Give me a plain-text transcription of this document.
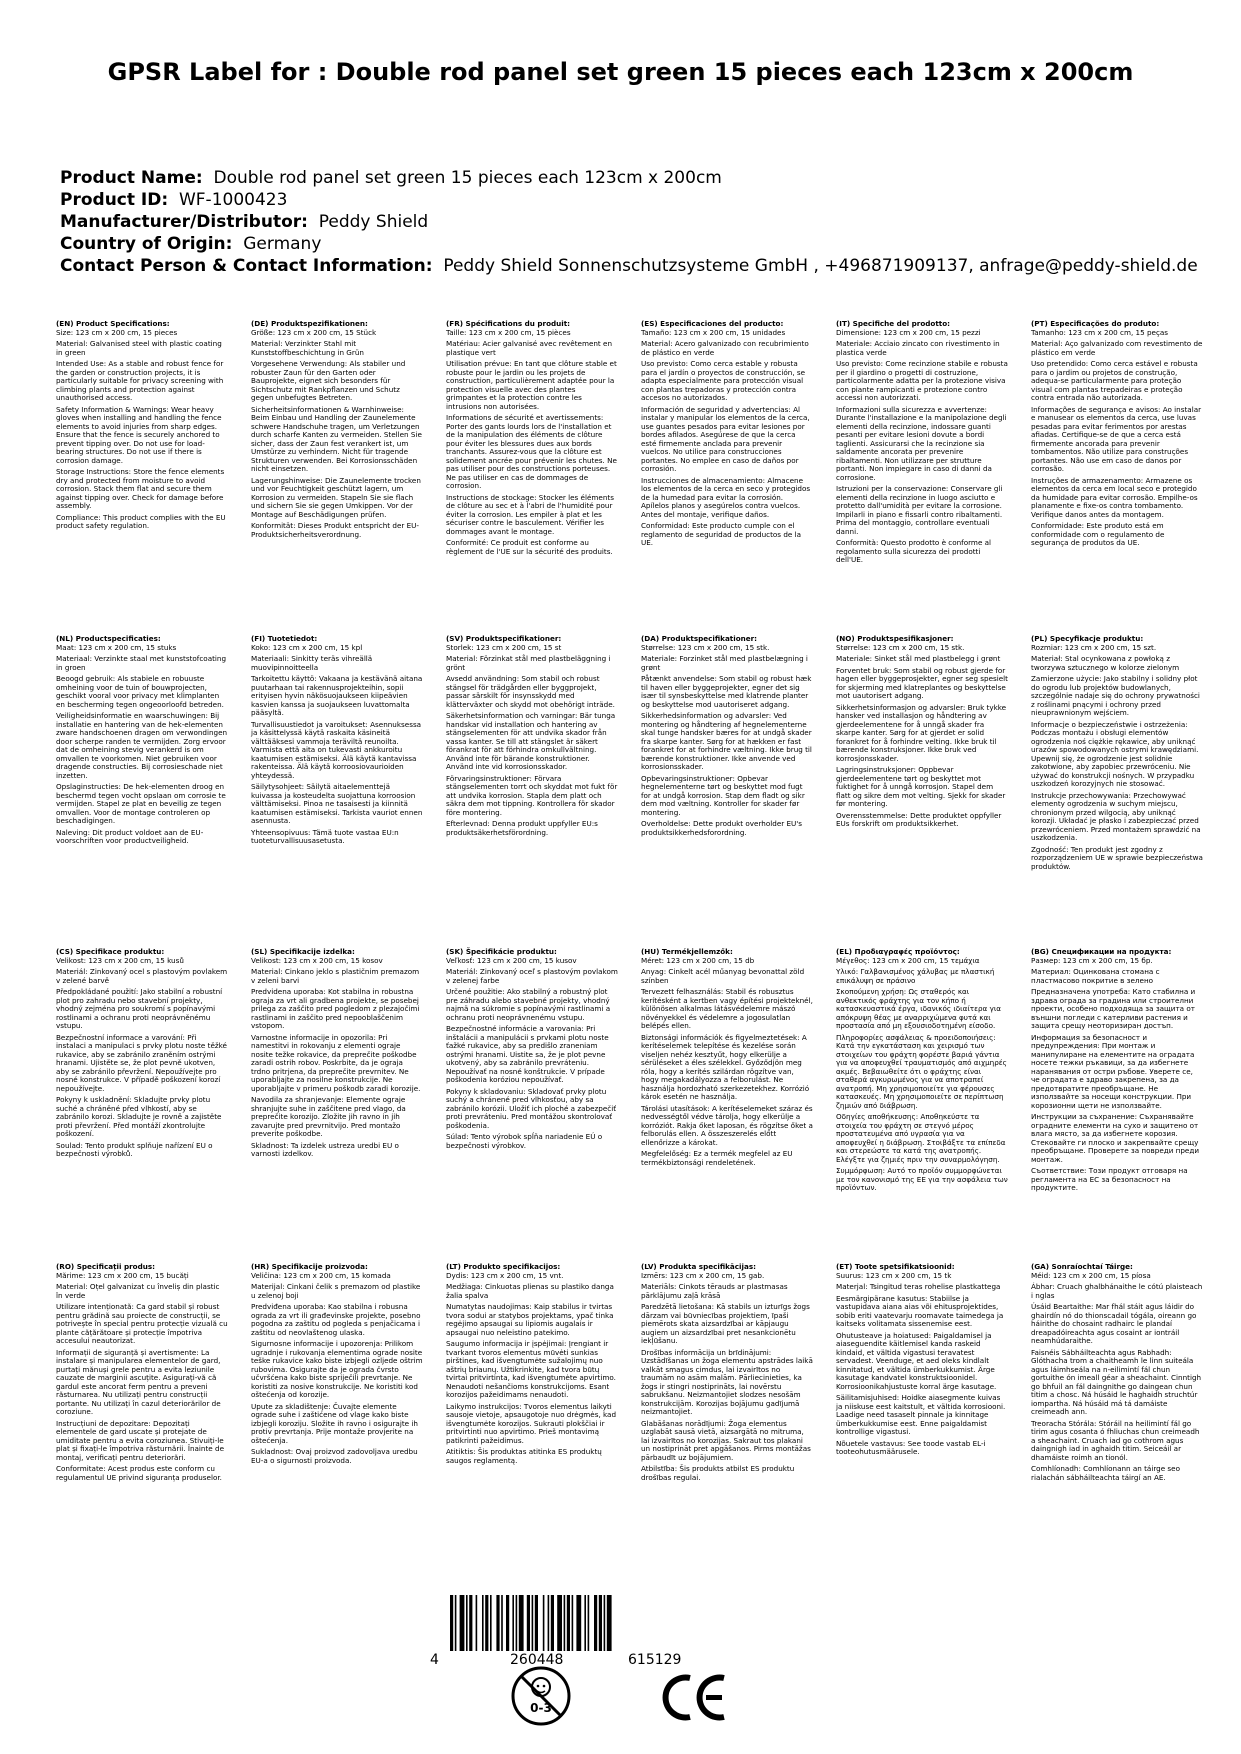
GPSR Label for : Double rod panel set green 15 pieces each 123cm x 200cm
Product Name: Double rod panel set green 15 pieces each 123cm x 200cm
Product ID: WF-1000423
Manufacturer/Distributor: Peddy Shield
Country of Origin: Germany
Contact Person & Contact Information: Peddy Shield Sonnenschutzsysteme GmbH , +496871909137, anfrage@peddy-shield.de
(EN) Product Specifications:

Size: 123 cm x 200 cm, 15 pieces

Material: Galvanised steel with plastic coating in green

Intended Use: As a stable and robust fence for the garden or construction projects, it is particularly suitable for privacy screening with climbing plants and protection against unauthorised access.

Safety Information & Warnings: Wear heavy gloves when installing and handling the fence elements to avoid injuries from sharp edges. Ensure that the fence is securely anchored to prevent tipping over. Do not use for load-bearing structures. Do not use if there is corrosion damage.

Storage Instructions: Store the fence elements dry and protected from moisture to avoid corrosion. Stack them flat and secure them against tipping over. Check for damage before assembly.

Compliance: This product complies with the EU product safety regulation.

(DE) Produktspezifikationen:

Größe: 123 cm x 200 cm, 15 Stück

Material: Verzinkter Stahl mit Kunststoffbeschichtung in Grün

Vorgesehene Verwendung: Als stabiler und robuster Zaun für den Garten oder Bauprojekte, eignet sich besonders für Sichtschutz mit Rankpflanzen und Schutz gegen unbefugtes Betreten.

Sicherheitsinformationen & Warnhinweise: Beim Einbau und Handling der Zaunelemente schwere Handschuhe tragen, um Verletzungen durch scharfe Kanten zu vermeiden. Stellen Sie sicher, dass der Zaun fest verankert ist, um Umstürze zu verhindern. Nicht für tragende Strukturen verwenden. Bei Korrosionsschäden nicht einsetzen.

Lagerungshinweise: Die Zaunelemente trocken und vor Feuchtigkeit geschützt lagern, um Korrosion zu vermeiden. Stapeln Sie sie flach und sichern Sie sie gegen Umkippen. Vor der Montage auf Beschädigungen prüfen.

Konformität: Dieses Produkt entspricht der EU-Produktsicherheitsverordnung.

(FR) Spécifications du produit:

Taille: 123 cm x 200 cm, 15 pièces

Matériau: Acier galvanisé avec revêtement en plastique vert

Utilisation prévue: En tant que clôture stable et robuste pour le jardin ou les projets de construction, particulièrement adaptée pour la protection visuelle avec des plantes grimpantes et la protection contre les intrusions non autorisées.

Informations de sécurité et avertissements: Porter des gants lourds lors de l'installation et de la manipulation des éléments de clôture pour éviter les blessures dues aux bords tranchants. Assurez-vous que la clôture est solidement ancrée pour prévenir les chutes. Ne pas utiliser pour des constructions porteuses. Ne pas utiliser en cas de dommages de corrosion.

Instructions de stockage: Stocker les éléments de clôture au sec et à l'abri de l'humidité pour éviter la corrosion. Les empiler à plat et les sécuriser contre le basculement. Vérifier les dommages avant le montage.

Conformité: Ce produit est conforme au règlement de l'UE sur la sécurité des produits.

(ES) Especificaciones del producto:

Tamaño: 123 cm x 200 cm, 15 unidades

Material: Acero galvanizado con recubrimiento de plástico en verde

Uso previsto: Como cerca estable y robusta para el jardín o proyectos de construcción, se adapta especialmente para protección visual con plantas trepadoras y protección contra accesos no autorizados.

Información de seguridad y advertencias: Al instalar y manipular los elementos de la cerca, use guantes pesados para evitar lesiones por bordes afilados. Asegúrese de que la cerca esté firmemente anclada para prevenir vuelcos. No utilice para construcciones portantes. No emplee en caso de daños por corrosión.

Instrucciones de almacenamiento: Almacene los elementos de la cerca en seco y protegidos de la humedad para evitar la corrosión. Apílelos planos y asegúrelos contra vuelcos. Antes del montaje, verifique daños.

Conformidad: Este producto cumple con el reglamento de seguridad de productos de la UE.

(IT) Specifiche del prodotto:

Dimensione: 123 cm x 200 cm, 15 pezzi

Materiale: Acciaio zincato con rivestimento in plastica verde

Uso previsto: Come recinzione stabile e robusta per il giardino o progetti di costruzione, particolarmente adatta per la protezione visiva con piante rampicanti e protezione contro accessi non autorizzati.

Informazioni sulla sicurezza e avvertenze: Durante l'installazione e la manipolazione degli elementi della recinzione, indossare guanti pesanti per evitare lesioni dovute a bordi taglienti. Assicurarsi che la recinzione sia saldamente ancorata per prevenire ribaltamenti. Non utilizzare per strutture portanti. Non impiegare in caso di danni da corrosione.

Istruzioni per la conservazione: Conservare gli elementi della recinzione in luogo asciutto e protetto dall'umidità per evitare la corrosione. Impilarli in piano e fissarli contro ribaltamenti. Prima del montaggio, controllare eventuali danni.

Conformità: Questo prodotto è conforme al regolamento sulla sicurezza dei prodotti dell'UE.

(PT) Especificações do produto:

Tamanho: 123 cm x 200 cm, 15 peças

Material: Aço galvanizado com revestimento de plástico em verde

Uso pretendido: Como cerca estável e robusta para o jardim ou projetos de construção, adequa-se particularmente para proteção visual com plantas trepadeiras e proteção contra entrada não autorizada.

Informações de segurança e avisos: Ao instalar e manusear os elementos da cerca, use luvas pesadas para evitar ferimentos por arestas afiadas. Certifique-se de que a cerca está firmemente ancorada para prevenir tombamentos. Não utilize para construções portantes. Não use em caso de danos por corrosão.

Instruções de armazenamento: Armazene os elementos da cerca em local seco e protegido da humidade para evitar corrosão. Empilhe-os planamente e fixe-os contra tombamento. Verifique danos antes da montagem.

Conformidade: Este produto está em conformidade com o regulamento de segurança de produtos da UE.

(NL) Productspecificaties:

Maat: 123 cm x 200 cm, 15 stuks

Materiaal: Verzinkte staal met kunststofcoating in groen

Beoogd gebruik: Als stabiele en robuuste omheining voor de tuin of bouwprojecten, geschikt vooral voor privacy met klimplanten en bescherming tegen ongeoorloofd betreden.

Veiligheidsinformatie en waarschuwingen: Bij installatie en hantering van de hek-elementen zware handschoenen dragen om verwondingen door scherpe randen te vermijden. Zorg ervoor dat de omheining stevig verankerd is om omvallen te voorkomen. Niet gebruiken voor dragende constructies. Bij corrosieschade niet inzetten.

Opslaginstructies: De hek-elementen droog en beschermd tegen vocht opslaan om corrosie te vermijden. Stapel ze plat en beveilig ze tegen omvallen. Voor de montage controleren op beschadigingen.

Naleving: Dit product voldoet aan de EU-voorschriften voor productveiligheid.

(FI) Tuotetiedot:

Koko: 123 cm x 200 cm, 15 kpl

Materiaali: Sinkitty teräs vihreällä muovipinnoitteella

Tarkoitettu käyttö: Vakaana ja kestävänä aitana puutarhaan tai rakennusprojekteihin, sopii erityisen hyvin näkösuojaukseen kiipeävien kasvien kanssa ja suojaukseen luvattomalta pääsyltä.

Turvallisuustiedot ja varoitukset: Asennuksessa ja käsittelyssä käytä raskaita käsineitä välttääksesi vammoja teräviltä reunoilta. Varmista että aita on tukevasti ankkuroitu kaatumisen estämiseksi. Älä käytä kantavissa rakenteissa. Älä käytä korroosiovaurioiden yhteydessä.

Säilytysohjeet: Säilytä aitaelementtejä kuivassa ja kosteudelta suojattuna korroosion välttämiseksi. Pinoa ne tasaisesti ja kiinnitä kaatumisen estämiseksi. Tarkista vauriot ennen asennusta.

Yhteensopivuus: Tämä tuote vastaa EU:n tuoteturvallisuusasetusta.

(SV) Produktspecifikationer:

Storlek: 123 cm x 200 cm, 15 st

Material: Förzinkat stål med plastbeläggning i grönt

Avsedd användning: Som stabil och robust stängsel för trädgården eller byggprojekt, passar särskilt för insynsskydd med klätterväxter och skydd mot obehörigt inträde.

Säkerhetsinformation och varningar: Bär tunga handskar vid installation och hantering av stängselementen för att undvika skador från vassa kanter. Se till att stängslet är säkert förankrat för att förhindra omkullvältning. Använd inte för bärande konstruktioner. Använd inte vid korrosionsskador.

Förvaringsinstruktioner: Förvara stängselementen torrt och skyddat mot fukt för att undvika korrosion. Stapla dem platt och säkra dem mot tippning. Kontrollera för skador före montering.

Efterlevnad: Denna produkt uppfyller EU:s produktsäkerhetsförordning.

(DA) Produktspecifikationer:

Størrelse: 123 cm x 200 cm, 15 stk.

Materiale: Forzinket stål med plastbelægning i grønt

Påtænkt anvendelse: Som stabil og robust hæk til haven eller byggeprojekter, egner det sig især til synsbeskyttelse med klatrende planter og beskyttelse mod uautoriseret adgang.

Sikkerhedsinformation og advarsler: Ved montering og håndtering af hegnelementerne skal tunge handsker bæres for at undgå skader fra skarpe kanter. Sørg for at hækken er fast forankret for at forhindre væltning. Ikke brug til bærende konstruktioner. Ikke anvende ved korrosionsskader.

Opbevaringsinstruktioner: Opbevar hegnelementerne tørt og beskyttet mod fugt for at undgå korrosion. Stap dem fladt og sikr dem mod væltning. Kontroller for skader før montering.

Overholdelse: Dette produkt overholder EU's produktsikkerhedsforordning.

(NO) Produktspesifikasjoner:

Størrelse: 123 cm x 200 cm, 15 stk.

Materiale: Sinket stål med plastbelegg i grønt

Forventet bruk: Som stabil og robust gjerde for hagen eller byggeprosjekter, egner seg spesielt for skjerming med klatreplantes og beskyttelse mot uautorisert adgang.

Sikkerhetsinformasjon og advarsler: Bruk tykke hansker ved installasjon og håndtering av gjerdeelementene for å unngå skader fra skarpe kanter. Sørg for at gjerdet er solid forankret for å forhindre velting. Ikke bruk til bærende konstruksjoner. Ikke bruk ved korrosjonsskader.

Lagringsinstruksjoner: Oppbevar gjerdeelementene tørt og beskyttet mot fuktighet for å unngå korrosjon. Stapel dem flatt og sikre dem mot velting. Sjekk for skader før montering.

Overensstemmelse: Dette produktet oppfyller EUs forskrift om produktsikkerhet.

(PL) Specyfikacje produktu:

Rozmiar: 123 cm x 200 cm, 15 szt.

Materiał: Stal ocynkowana z powłoką z tworzywa sztucznego w kolorze zielonym

Zamierzone użycie: Jako stabilny i solidny płot do ogrodu lub projektów budowlanych, szczególnie nadaje się do ochrony prywatności z roślinami pnącymi i ochrony przed nieuprawnionym wejściem.

Informacje o bezpieczeństwie i ostrzeżenia: Podczas montażu i obsługi elementów ogrodzenia noś ciężkie rękawice, aby uniknąć urazów spowodowanych ostrymi krawędziami. Upewnij się, że ogrodzenie jest solidnie zakotwione, aby zapobiec przewróceniu. Nie używać do konstrukcji nośnych. W przypadku uszkodzeń korozyjnych nie stosować.

Instrukcje przechowywania: Przechowywać elementy ogrodzenia w suchym miejscu, chronionym przed wilgocią, aby uniknąć korozji. Układać je płasko i zabezpieczać przed przewróceniem. Przed montażem sprawdzić na uszkodzenia.

Zgodność: Ten produkt jest zgodny z rozporządzeniem UE w sprawie bezpieczeństwa produktów.

(CS) Specifikace produktu:

Velikost: 123 cm x 200 cm, 15 kusů

Materiál: Zinkovaný ocel s plastovým povlakem v zelené barvě

Předpokládané použití: Jako stabilní a robustní plot pro zahradu nebo stavební projekty, vhodný zejména pro soukromí s popínavými rostlinami a ochranu proti neoprávněnému vstupu.

Bezpečnostní informace a varování: Při instalaci a manipulaci s prvky plotu noste těžké rukavice, aby se zabránilo zraněním ostrými hranami. Ujistěte se, že plot pevně ukotven, aby se zabránilo převržení. Nepoužívejte pro nosné konstrukce. V případě poškození korozí nepoužívejte.

Pokyny k uskladnění: Skladujte prvky plotu suché a chráněné před vlhkostí, aby se zabránilo korozi. Skladujte je rovně a zajistěte proti převržení. Před montáží zkontrolujte poškození.

Soulad: Tento produkt splňuje nařízení EU o bezpečnosti výrobků.

(SL) Specifikacije izdelka:

Velikost: 123 cm x 200 cm, 15 kosov

Material: Cinkano jeklo s plastičnim premazom v zeleni barvi

Predvidena uporaba: Kot stabilna in robustna ograja za vrt ali gradbena projekte, se posebej prilega za zaščito pred pogledom z plezajočimi rastlinami in zaščito pred nepooblaščenim vstopom.

Varnostne informacije in opozorila: Pri namestitvi in rokovanju z elementi ograje nosite težke rokavice, da preprečite poškodbe zaradi ostrih robov. Poskrbite, da je ograja trdno pritrjena, da preprečite prevrnitev. Ne uporabljajte za nosilne konstrukcije. Ne uporabljajte v primeru poškodb zaradi korozije.

Navodila za shranjevanje: Elemente ograje shranjujte suhe in zaščitene pred vlago, da preprečite korozijo. Zložite jih ravno in jih zavarujte pred prevrnitvijo. Pred montažo preverite poškodbe.

Skladnost: Ta izdelek ustreza uredbi EU o varnosti izdelkov.

(SK) Špecifikácie produktu:

Veľkosť: 123 cm x 200 cm, 15 kusov

Materiál: Zinkovaný oceľ s plastovým povlakom v zelenej farbe

Určené použitie: Ako stabilný a robustný plot pre záhradu alebo stavebné projekty, vhodný najmä na súkromie s popínavými rastlinami a ochranu proti neoprávnenému vstupu.

Bezpečnostné informácie a varovania: Pri inštalácii a manipulácii s prvkami plotu noste ťažké rukavice, aby sa predišlo zraneniam ostrými hranami. Uistite sa, že je plot pevne ukotvený, aby sa zabránilo prevráteniu. Nepoužívať na nosné konštrukcie. V prípade poškodenia koróziou nepoužívať.

Pokyny k skladovaniu: Skladovať prvky plotu suchý a chránené pred vlhkosťou, aby sa zabránilo korózii. Uložiť ich ploché a zabezpečiť proti prevráteniu. Pred montážou skontrolovať poškodenia.

Súlad: Tento výrobok spĺňa nariadenie EÚ o bezpečnosti výrobkov.

(HU) Termékjellemzők:

Méret: 123 cm x 200 cm, 15 db

Anyag: Cinkelt acél műanyag bevonattal zöld színben

Tervezett felhasználás: Stabil és robusztus kerítésként a kertben vagy építési projekteknél, különösen alkalmas látásvédelemre mászó növényekkel és védelemre a jogosulatlan belépés ellen.

Biztonsági információk és figyelmeztetések: A kerítéselemek telepítése és kezelése során viseljen nehéz kesztyűt, hogy elkerülje a sérüléseket a éles szélekkel. Győződjön meg róla, hogy a kerítés szilárdan rögzítve van, hogy megakadályozza a felborulást. Ne használja hordozható szerkezetekhez. Korrózió károk esetén ne használja.

Tárolási utasítások: A kerítéselemeket száraz és nedvességtől védve tárolja, hogy elkerülje a korróziót. Rakja őket laposan, és rögzítse őket a felborulás ellen. A összeszerelés előtt ellenőrizze a károkat.

Megfelelőség: Ez a termék megfelel az EU termékbiztonsági rendeletének.

(EL) Προδιαγραφές προϊόντος:

Μέγεθος: 123 cm x 200 cm, 15 τεμάχια

Υλικό: Γαλβανισμένος χάλυβας με πλαστική επικάλυψη σε πράσινο

Σκοπούμενη χρήση: Ως σταθερός και ανθεκτικός φράχτης για τον κήπο ή κατασκευαστικά έργα, ιδανικός ιδιαίτερα για απόκρυψη θέας με αναρριχώμενα φυτά και προστασία από μη εξουσιοδοτημένη είσοδο.

Πληροφορίες ασφάλειας & προειδοποιήσεις: Κατά την εγκατάσταση και χειρισμό των στοιχείων του φράχτη φορέστε βαριά γάντια για να αποφευχθεί τραυματισμός από αιχμηρές ακμές. Βεβαιωθείτε ότι ο φράχτης είναι σταθερά αγκυρωμένος για να αποτραπεί ανατροπή. Μη χρησιμοποιείτε για φέρουσες κατασκευές. Μη χρησιμοποιείτε σε περίπτωση ζημιών από διάβρωση.

Οδηγίες αποθήκευσης: Αποθηκεύστε τα στοιχεία του φράχτη σε στεγνό μέρος προστατευμένα από υγρασία για να αποφευχθεί η διάβρωση. Στοιβάξτε τα επίπεδα και στερεώστε τα κατά της ανατροπής. Ελέγξτε για ζημιές πριν την συναρμολόγηση.

Συμμόρφωση: Αυτό το προϊόν συμμορφώνεται με τον κανονισμό της ΕΕ για την ασφάλεια των προϊόντων.

(BG) Спецификации на продукта:

Размер: 123 cm x 200 cm, 15 бр.

Материал: Оцинкована стомана с пластмасово покритие в зелено

Предназначена употреба: Като стабилна и здрава ограда за градина или строителни проекти, особено подходяща за защита от външни погледи с катерливи растения и защита срещу неоторизиран достъп.

Информация за безопасност и предупреждения: При монтаж и манипулиране на елементите на оградата носете тежки ръкавици, за да избегнете наранявания от остри ръбове. Уверете се, че оградата е здраво закрепена, за да предотвратите преобръщане. Не използвайте за носещи конструкции. При корозионни щети не използвайте.

Инструкции за съхранение: Съхранявайте оградните елементи на сухо и защитено от влага място, за да избегнете корозия. Стековайте ги плоско и закрепвайте срещу преобръщане. Проверете за повреди преди монтаж.

Съответствие: Този продукт отговаря на регламента на ЕС за безопасност на продуктите.

(RO) Specificații produs:

Mărime: 123 cm x 200 cm, 15 bucăți

Material: Oțel galvanizat cu înveliș din plastic în verde

Utilizare intenționată: Ca gard stabil și robust pentru grădină sau proiecte de construcții, se potrivește în special pentru protecție vizuală cu plante cățărătoare și protecție împotriva accesului neautorizat.

Informații de siguranță și avertismente: La instalare și manipularea elementelor de gard, purtați mănuși grele pentru a evita leziunile cauzate de marginii ascuțite. Asigurați-vă că gardul este ancorat ferm pentru a preveni răsturnarea. Nu utilizați pentru construcții portante. Nu utilizați în cazul deteriorărilor de coroziune.

Instrucțiuni de depozitare: Depozitați elementele de gard uscate și protejate de umiditate pentru a evita coroziunea. Stivuiți-le plat și fixați-le împotriva răsturnării. Înainte de montaj, verificați pentru deteriorări.

Conformitate: Acest produs este conform cu regulamentul UE privind siguranța produselor.

(HR) Specifikacije proizvoda:

Veličina: 123 cm x 200 cm, 15 komada

Materijal: Cinkani čelik s premazom od plastike u zelenoj boji

Predviđena uporaba: Kao stabilna i robusna ograda za vrt ili građevinske projekte, posebno pogodna za zaštitu od pogleda s penjačicama i zaštitu od neovlaštenog ulaska.

Sigurnosne informacije i upozorenja: Prilikom ugradnje i rukovanja elementima ograde nosite teške rukavice kako biste izbjegli ozljede oštrim rubovima. Osigurajte da je ograda čvrsto učvršćena kako biste spriječili prevrtanje. Ne koristiti za nosive konstrukcije. Ne koristiti kod oštećenja od korozije.

Upute za skladištenje: Čuvajte elemente ograde suhe i zaštićene od vlage kako biste izbjegli koroziju. Složite ih ravno i osigurajte ih protiv prevrtanja. Prije montaže provjerite na oštećenja.

Sukladnost: Ovaj proizvod zadovoljava uredbu EU-a o sigurnosti proizvoda.

(LT) Produkto specifikacijos:

Dydis: 123 cm x 200 cm, 15 vnt.

Medžiaga: Cinkuotas plienas su plastiko danga žalia spalva

Numatytas naudojimas: Kaip stabilus ir tvirtas tvora sodui ar statybos projektams, ypač tinka regėjimo apsaugai su lipiomis augalais ir apsaugai nuo neleistino patekimo.

Saugumo informacija ir įspėjimai: Įrengiant ir tvarkant tvoros elementus mūvėti sunkias pirštines, kad išvengtumėte sužalojimų nuo aštrių briaunų. Užtikrinkite, kad tvora būtų tvirtai pritvirtinta, kad išvengtumėte apvirtimo. Nenaudoti nešančioms konstrukcijoms. Esant korozijos pažeidimams nenaudoti.

Laikymo instrukcijos: Tvoros elementus laikyti sausoje vietoje, apsaugotoje nuo drėgmės, kad išvengtumėte korozijos. Sukrauti plokščiai ir pritvirtinti nuo apvirtimo. Prieš montavimą patikrinti pažeidimus.

Atitiktis: Šis produktas atitinka ES produktų saugos reglamentą.

(LV) Produkta specifikācijas:

Izmērs: 123 cm x 200 cm, 15 gab.

Materiāls: Cinkots tērauds ar plastmasas pārklājumu zaļā krāsā

Paredzētā lietošana: Kā stabils un izturīgs žogs dārzam vai būvniecības projektiem, īpaši piemērots skata aizsardzībai ar kāpjaugu augiem un aizsardzībai pret nesankcionētu iekļūšanu.

Drošības informācija un brīdinājumi: Uzstādīšanas un žoga elementu apstrādes laikā valkāt smagus cimdus, lai izvairītos no traumām no asām malām. Pārliecinieties, ka žogs ir stingri nostiprināts, lai novērstu sabrukšanu. Neizmantojiet slodzes nesošām konstrukcijām. Korozijas bojājumu gadījumā neizmantojiet.

Glabāšanas norādījumi: Žoga elementus uzglabāt sausā vietā, aizsargātā no mitruma, lai izvairītos no korozijas. Sakraut tos plakani un nostiprināt pret apgāšanos. Pirms montāžas pārbaudīt uz bojājumiem.

Atbilstība: Šis produkts atbilst ES produktu drošības regulai.

(ET) Toote spetsifikatsioonid:

Suurus: 123 cm x 200 cm, 15 tk

Materjal: Tsingitud teras rohelise plastkattega

Eesmärgipärane kasutus: Stabiilse ja vastupidava aiana aias või ehitusprojektides, sobib eriti vaatevarju roomavate taimedega ja kaitseks volitamata sissenemise eest.

Ohutusteave ja hoiatused: Paigaldamisel ja aiaseguendite käitlemisel kanda raskeid kindaid, et vältida vigastusi teravatest servadest. Veenduge, et aed oleks kindlalt kinnitatud, et vältida ümberkukkumist. Ärge kasutage kandvatel konstruktsioonidel. Korrosioonikahjustuste korral ärge kasutage.

Säilitamisjuhised: Hoidke aiasegmente kuivas ja niiskuse eest kaitstult, et vältida korrosiooni. Laadige need tasaselt pinnale ja kinnitage ümberkukkumise eest. Enne paigaldamist kontrollige vigastusi.

Nõuetele vastavus: See toode vastab EL-i tooteohutusmäärusele.

(GA) Sonraíochtaí Táirge:

Méid: 123 cm x 200 cm, 15 píosa

Ábhar: Cruach ghalbhánaithe le cótú plaisteach i nglas

Úsáid Beartaithe: Mar fhál stáit agus láidir do ghairdín nó do thionscadail tógála, oireann go háirithe do chosaint radhairc le plandaí dreapadóireachta agus cosaint ar iontráil neamhúdaraithe.

Faisnéis Sábháilteachta agus Rabhadh: Glóthacha trom a chaitheamh le linn suiteála agus láimhseála na n-eilimintí fál chun gortuithe ón imeall géar a sheachaint. Cinntigh go bhfuil an fál daingnithe go daingean chun titim a chosc. Ná húsáid le haghaidh struchtúr iompartha. Ná húsáid má tá damáiste creimeadh ann.

Treoracha Stórála: Stóráil na heilimintí fál go tirim agus cosanta ó fhliuchas chun creimeadh a sheachaint. Cruach iad go cothrom agus daingnigh iad in aghaidh titim. Seiceáil ar dhamáiste roimh an tionól.

Comhlíonadh: Comhlíonann an táirge seo rialachán sábháilteachta táirgí an AE.

4	260448	615129
0-3
